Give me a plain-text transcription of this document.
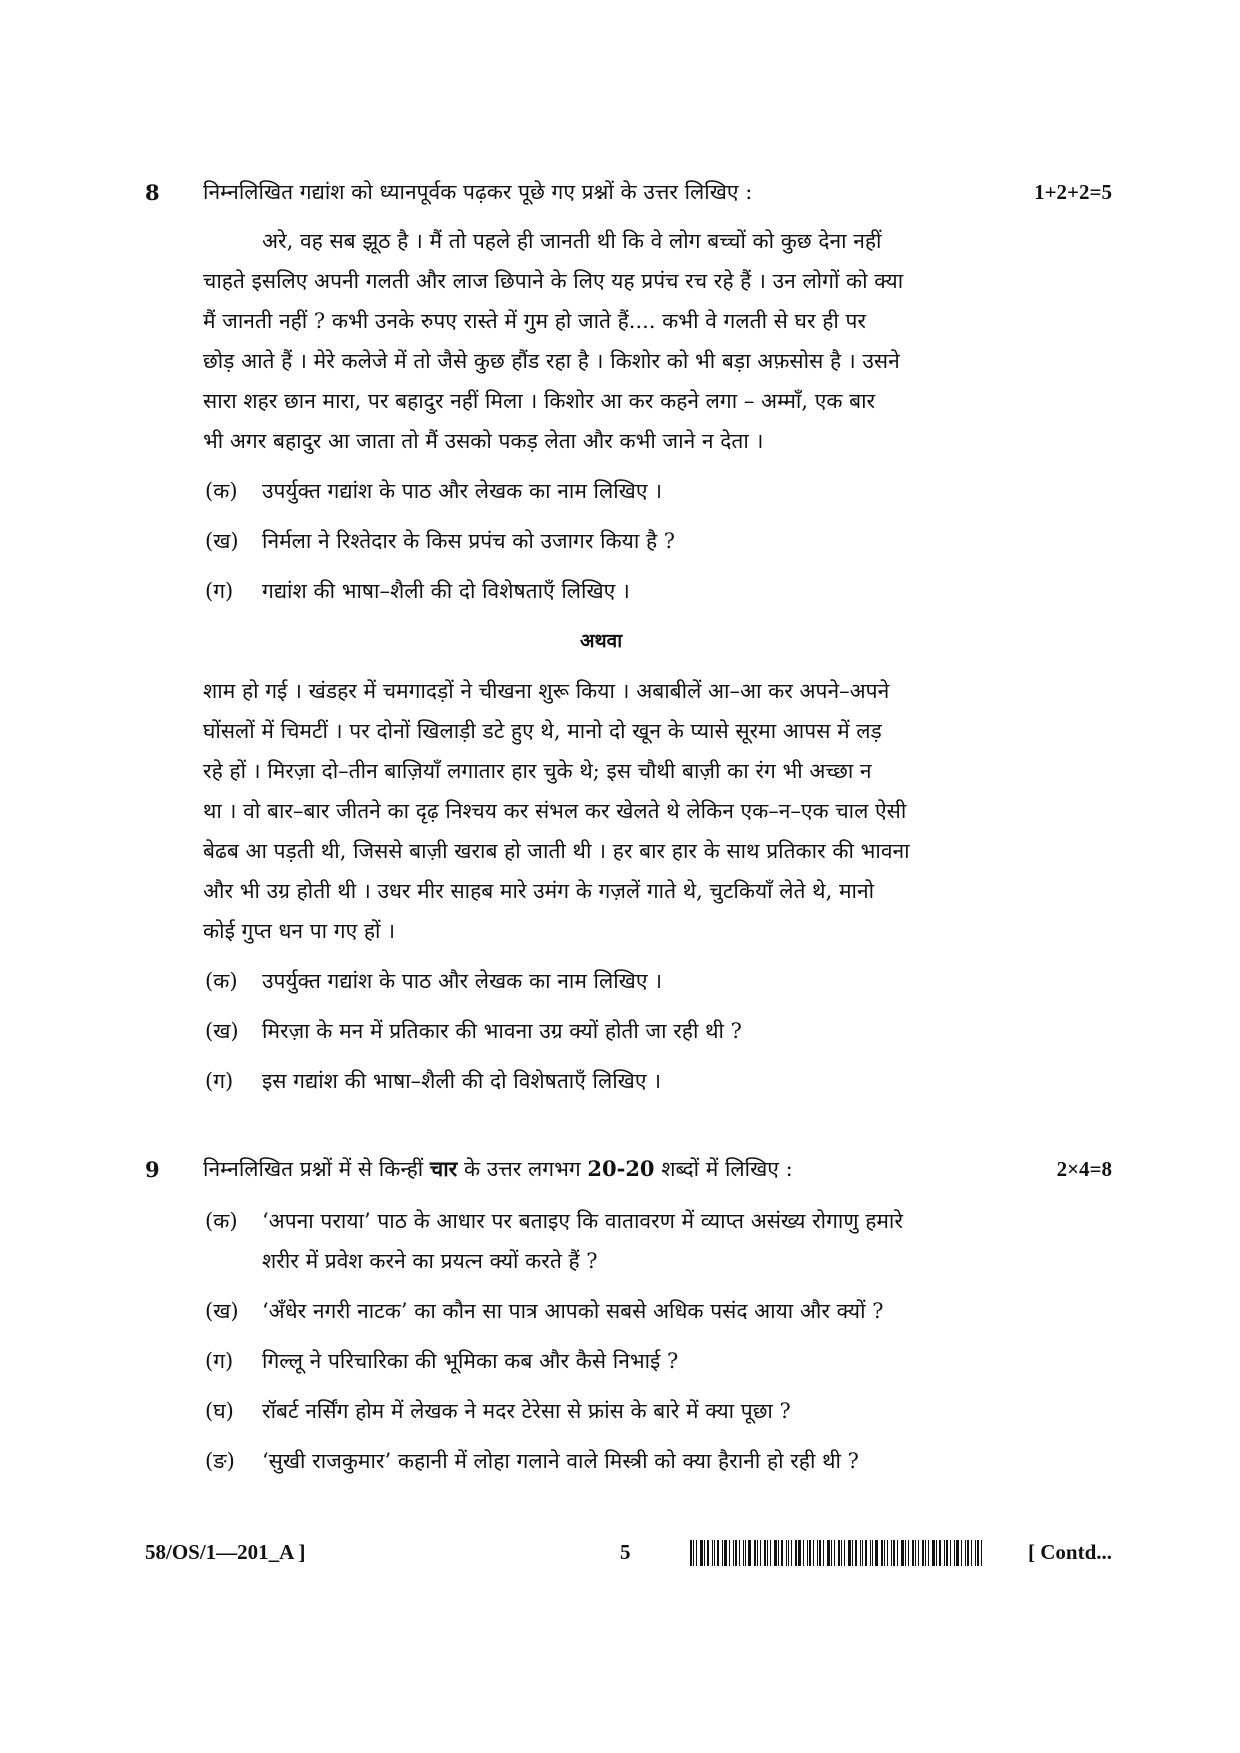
8 निम्नलिखित गद्यांश को ध्यानपूर्वक पढ़कर पूछे गए प्रश्नों के उत्तर लिखिए :	1+2+2=5
अरे, वह सब झूठ है । मैं तो पहले ही जानती थी कि वे लोग बच्चों को कुछ देना नहीं
चाहते इसलिए अपनी गलती और लाज छिपाने के लिए यह प्रपंच रच रहे हैं । उन लोगों को क्या
मैं जानती नहीं ? कभी उनके रुपए रास्ते में गुम हो जाते हैं.... कभी वे गलती से घर ही पर
छोड़ आते हैं । मेरे कलेजे में तो जैसे कुछ हौंड रहा है । किशोर को भी बड़ा अफ़सोस है । उसने
सारा शहर छान मारा, पर बहादुर नहीं मिला । किशोर आ कर कहने लगा – अम्माँ, एक बार
भी अगर बहादुर आ जाता तो मैं उसको पकड़ लेता और कभी जाने न देता ।
(क)	उपर्युक्त गद्यांश के पाठ और लेखक का नाम लिखिए ।
(ख)	निर्मला ने रिश्तेदार के किस प्रपंच को उजागर किया है ?
(ग)	गद्यांश की भाषा–शैली की दो विशेषताएँ लिखिए ।
अथवा
शाम हो गई । खंडहर में चमगादड़ों ने चीखना शुरू किया । अबाबीलें आ–आ कर अपने–अपने
घोंसलों में चिमटीं । पर दोनों खिलाड़ी डटे हुए थे, मानो दो खून के प्यासे सूरमा आपस में लड़
रहे हों । मिरज़ा दो–तीन बाज़ियाँ लगातार हार चुके थे; इस चौथी बाज़ी का रंग भी अच्छा न
था । वो बार–बार जीतने का दृढ़ निश्चय कर संभल कर खेलते थे लेकिन एक–न–एक चाल ऐसी
बेढब आ पड़ती थी, जिससे बाज़ी खराब हो जाती थी । हर बार हार के साथ प्रतिकार की भावना
और भी उग्र होती थी । उधर मीर साहब मारे उमंग के गज़लें गाते थे, चुटकियाँ लेते थे, मानो
कोई गुप्त धन पा गए हों ।
(क)	उपर्युक्त गद्यांश के पाठ और लेखक का नाम लिखिए ।
(ख)	मिरज़ा के मन में प्रतिकार की भावना उग्र क्यों होती जा रही थी ?
(ग)	इस गद्यांश की भाषा–शैली की दो विशेषताएँ लिखिए ।
9 निम्नलिखित प्रश्नों में से किन्हीं चार के उत्तर लगभग 20-20 शब्दों में लिखिए :	2×4=8
(क)	‘अपना पराया’ पाठ के आधार पर बताइए कि वातावरण में व्याप्त असंख्य रोगाणु हमारे
शरीर में प्रवेश करने का प्रयत्न क्यों करते हैं ?
(ख)	‘अँधेर नगरी नाटक’ का कौन सा पात्र आपको सबसे अधिक पसंद आया और क्यों ?
(ग)	गिल्लू ने परिचारिका की भूमिका कब और कैसे निभाई ?
(घ)	रॉबर्ट नर्सिंग होम में लेखक ने मदर टेरेसा से फ्रांस के बारे में क्या पूछा ?
(ङ)	‘सुखी राजकुमार’ कहानी में लोहा गलाने वाले मिस्त्री को क्या हैरानी हो रही थी ?
58/OS/1—201_A ]	5	[ Contd...
